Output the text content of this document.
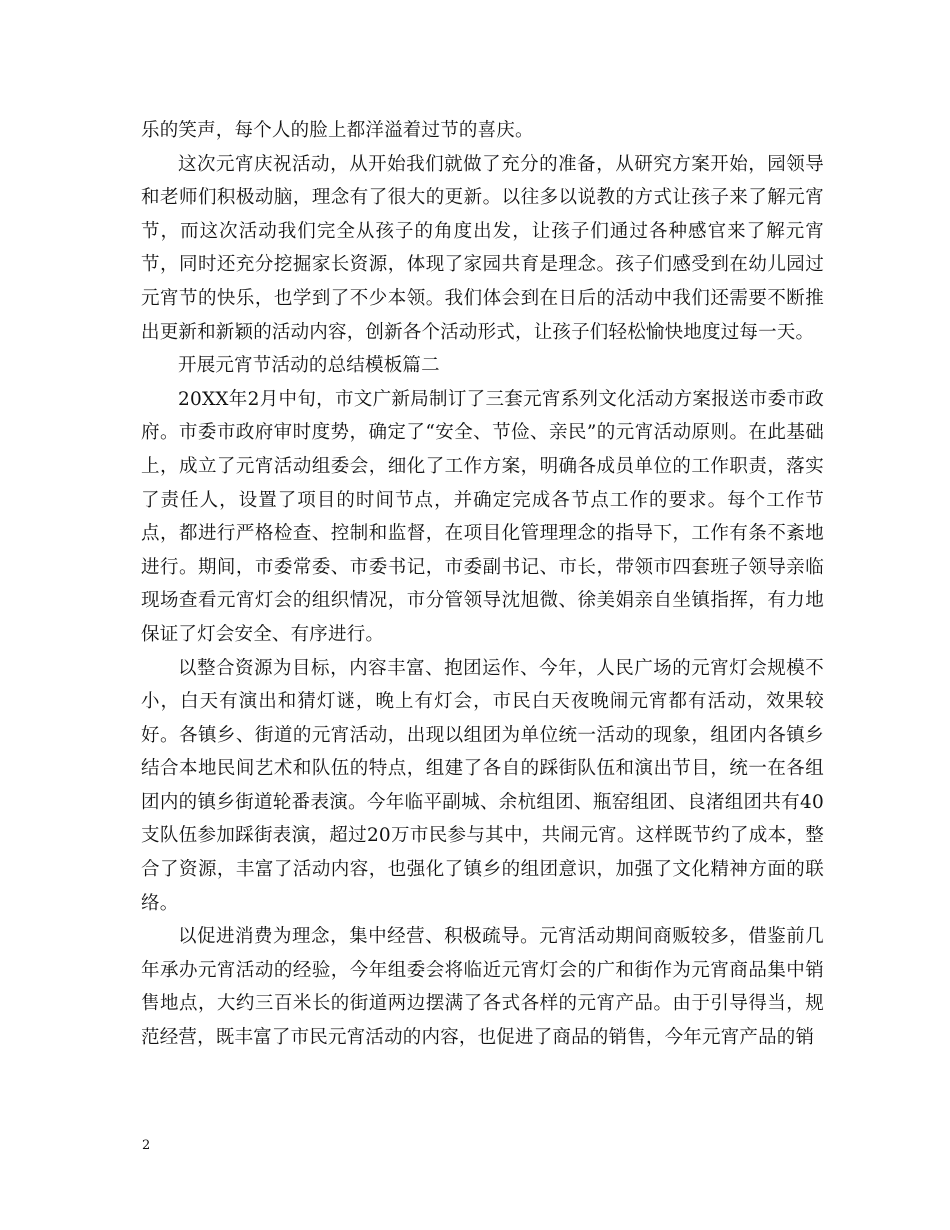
乐的笑声，每个人的脸上都洋溢着过节的喜庆。

这次元宵庆祝活动，从开始我们就做了充分的准备，从研究方案开始，园领导和老师们积极动脑，理念有了很大的更新。以往多以说教的方式让孩子来了解元宵节，而这次活动我们完全从孩子的角度出发，让孩子们通过各种感官来了解元宵节，同时还充分挖掘家长资源，体现了家园共育是理念。孩子们感受到在幼儿园过元宵节的快乐，也学到了不少本领。我们体会到在日后的活动中我们还需要不断推出更新和新颖的活动内容，创新各个活动形式，让孩子们轻松愉快地度过每一天。

开展元宵节活动的总结模板篇二

20XX年2月中旬，市文广新局制订了三套元宵系列文化活动方案报送市委市政府。市委市政府审时度势，确定了“安全、节俭、亲民”的元宵活动原则。在此基础上，成立了元宵活动组委会，细化了工作方案，明确各成员单位的工作职责，落实了责任人，设置了项目的时间节点，并确定完成各节点工作的要求。每个工作节点，都进行严格检查、控制和监督，在项目化管理理念的指导下，工作有条不紊地进行。期间，市委常委、市委书记，市委副书记、市长，带领市四套班子领导亲临现场查看元宵灯会的组织情况，市分管领导沈旭微、徐美娟亲自坐镇指挥，有力地保证了灯会安全、有序进行。

以整合资源为目标，内容丰富、抱团运作、今年，人民广场的元宵灯会规模不小，白天有演出和猜灯谜，晚上有灯会，市民白天夜晚闹元宵都有活动，效果较好。各镇乡、街道的元宵活动，出现以组团为单位统一活动的现象，组团内各镇乡结合本地民间艺术和队伍的特点，组建了各自的踩街队伍和演出节目，统一在各组团内的镇乡街道轮番表演。今年临平副城、余杭组团、瓶窑组团、良渚组团共有40支队伍参加踩街表演，超过20万市民参与其中，共闹元宵。这样既节约了成本，整合了资源，丰富了活动内容，也强化了镇乡的组团意识，加强了文化精神方面的联络。

以促进消费为理念，集中经营、积极疏导。元宵活动期间商贩较多，借鉴前几年承办元宵活动的经验，今年组委会将临近元宵灯会的广和街作为元宵商品集中销售地点，大约三百米长的街道两边摆满了各式各样的元宵产品。由于引导得当，规范经营，既丰富了市民元宵活动的内容，也促进了商品的销售，今年元宵产品的销

2
